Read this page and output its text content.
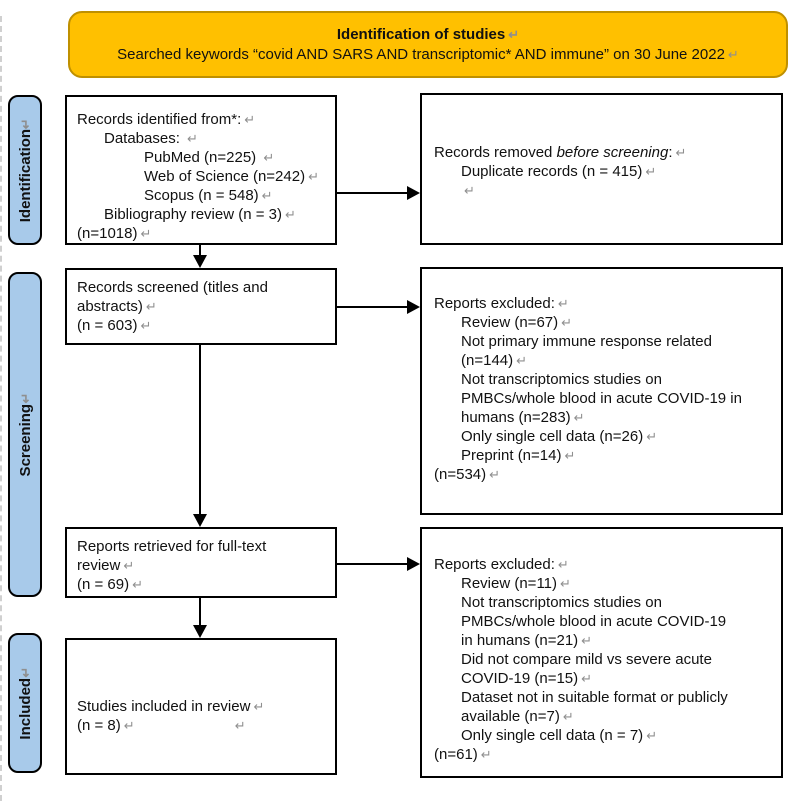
Identification of studies ↵
Searched keywords “covid AND SARS AND transcriptomic* AND immune” on 30 June 2022 ↵
Identification↵
Screening↵
Included↵
Records identified from*: ↵
Databases: ↵
PubMed (n=225) ↵
Web of Science (n=242) ↵
Scopus (n = 548) ↵
Bibliography review (n = 3) ↵
(n=1018) ↵
Records removed before screening: ↵
Duplicate records (n = 415) ↵
↵
Records screened (titles and
abstracts) ↵
(n = 603) ↵
Reports excluded: ↵
Review (n=67) ↵
Not primary immune response related
(n=144) ↵
Not transcriptomics studies on
PMBCs/whole blood in acute COVID-19 in
humans (n=283) ↵
Only single cell data (n=26) ↵
Preprint (n=14) ↵
(n=534) ↵
Reports retrieved for full-text
review ↵
(n = 69) ↵
Reports excluded: ↵
Review (n=11) ↵
Not transcriptomics studies on
PMBCs/whole blood in acute COVID-19
in humans (n=21) ↵
Did not compare mild vs severe acute
COVID-19 (n=15) ↵
Dataset not in suitable format or publicly
available (n=7) ↵
Only single cell data (n = 7) ↵
(n=61) ↵
Studies included in review ↵
(n = 8) ↵	↵
